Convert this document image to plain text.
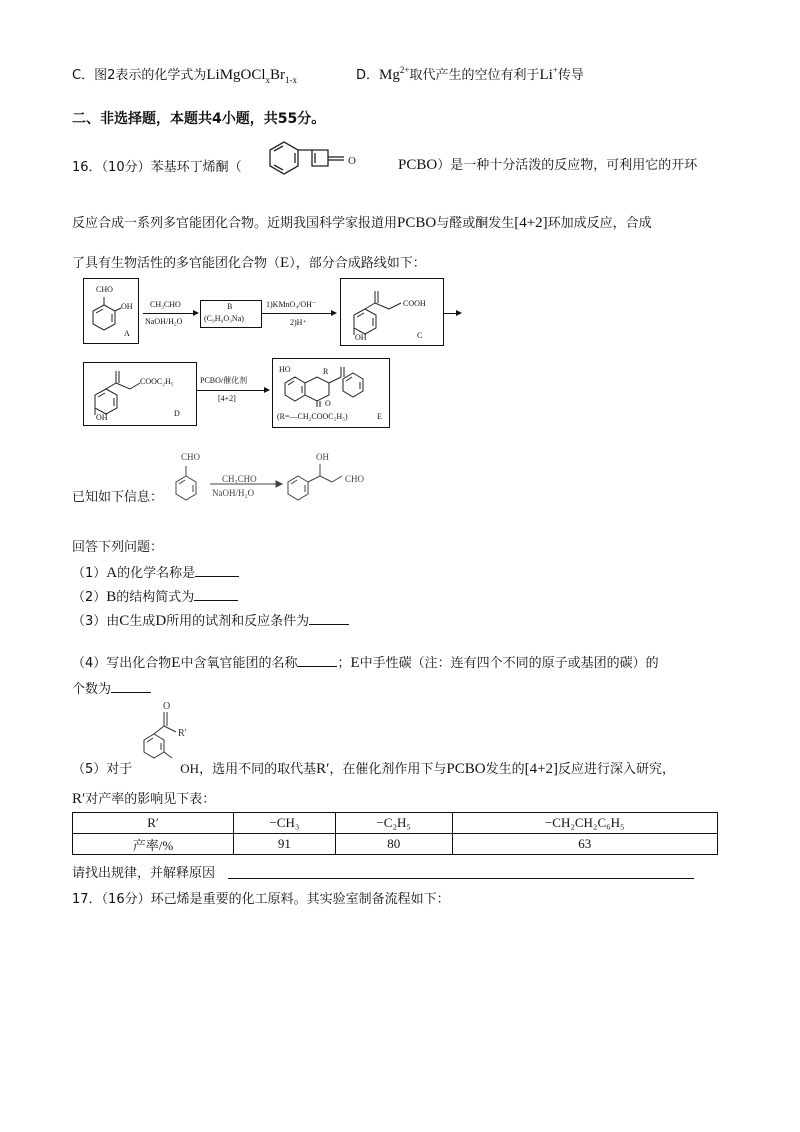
C．图2表示的化学式为$LiMgOCl_xBr_{1-x}$	D．$Mg^{2+}$取代产生的空位有利于Li+传导
二、非选择题，本题共4小题，共55分。
16．（10分）苯基环丁烯酮（	O	PCBO）是一种十分活泼的反应物，可利用它的开环
反应合成一系列多官能团化合物。近期我国科学家报道用PCBO与醛或酮发生[4+2]环加成反应，合成
了具有生物活性的多官能团化合物（E），部分合成路线如下：
CHO
OH
A
CH₃CHO
NaOH/H₂O
B
(C₉H₉O₃Na)
1)KMnO₄/OH⁻
2)H⁺
COOH
OH	C
COOC₂H₅
OH	D
PCBO/催化剂
[4+2]
HO	R
O
(R=—CH₂COOC₂H₅)	E
已知如下信息：
CHO
CH₃CHO
NaOH/H₂O
OH
CHO
回答下列问题：
（1）A的化学名称是
（2）B的结构简式为
（3）由C生成D所用的试剂和反应条件为
（4）写出化合物E中含氧官能团的名称	；E中手性碳（注：连有四个不同的原子或基团的碳）的
个数为
O
R′
（5）对于	OH，选用不同的取代基R′，在催化剂作用下与PCBO发生的[4+2]反应进行深入研究，
R′对产率的影响见下表：
R′	−CH₃	−C₂H₅	−CH₂CH₂C₆H₅
产率/%	91	80	63
请找出规律，并解释原因
17．（16分）环己烯是重要的化工原料。其实验室制备流程如下：
